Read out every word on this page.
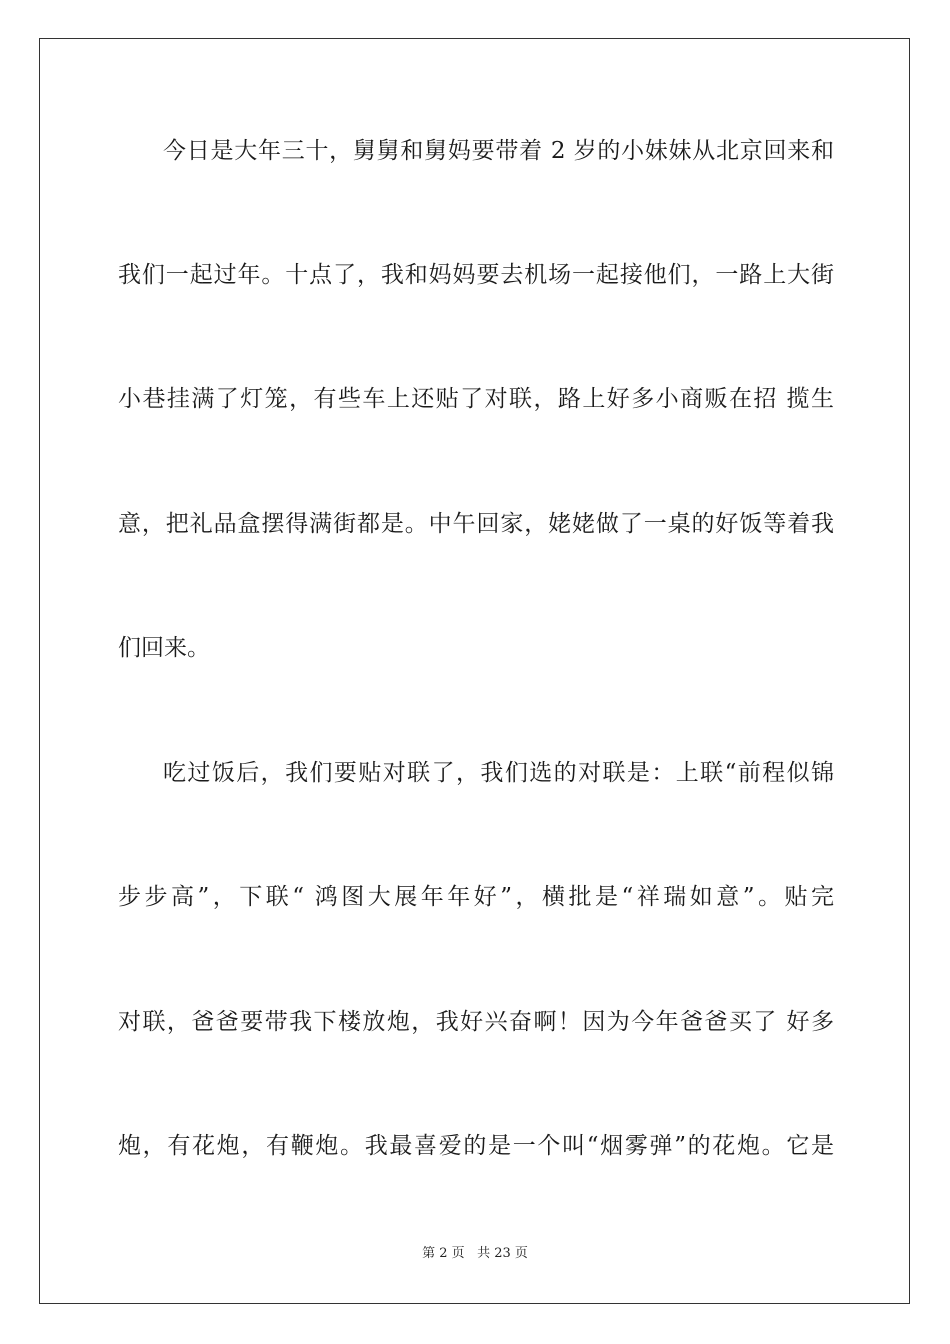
今日是大年三十，舅舅和舅妈要带着 2 岁的小妹妹从北京回来和
我们一起过年。十点了，我和妈妈要去机场一起接他们，一路上大街
小巷挂满了灯笼，有些车上还贴了对联，路上好多小商贩在招 揽生
意，把礼品盒摆得满街都是。中午回家，姥姥做了一桌的好饭等着我
们回来。
吃过饭后，我们要贴对联了，我们选的对联是：上联“前程似锦
步步高”，下联“ 鸿图大展年年好”，横批是“祥瑞如意”。贴完
对联，爸爸要带我下楼放炮，我好兴奋啊！因为今年爸爸买了 好多
炮，有花炮，有鞭炮。我最喜爱的是一个叫“烟雾弹”的花炮。它是
第 2 页 共 23 页
